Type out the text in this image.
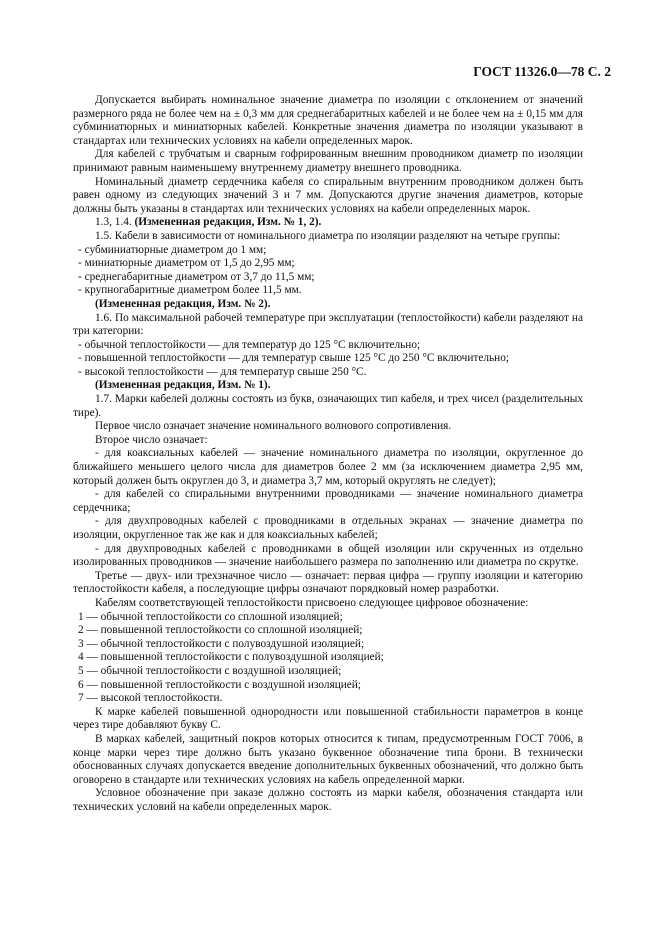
ГОСТ 11326.0—78 С. 2

Допускается выбирать номинальное значение диаметра по изоляции с отклонением от значений размерного ряда не более чем на ± 0,3 мм для среднегабаритных кабелей и не более чем на ± 0,15 мм для субминиатюрных и миниатюрных кабелей. Конкретные значения диаметра по изоляции указывают в стандартах или технических условиях на кабели определенных марок.

Для кабелей с трубчатым и сварным гофрированным внешним проводником диаметр по изоляции принимают равным наименьшему внутреннему диаметру внешнего проводника.

Номинальный диаметр сердечника кабеля со спиральным внутренним проводником должен быть равен одному из следующих значений 3 и 7 мм. Допускаются другие значения диаметров, которые должны быть указаны в стандартах или технических условиях на кабели определенных марок.

1.3, 1.4. (Измененная редакция, Изм. № 1, 2).

1.5. Кабели в зависимости от номинального диаметра по изоляции разделяют на четыре группы:

- субминиатюрные диаметром до 1 мм;

- миниатюрные диаметром от 1,5 до 2,95 мм;

- среднегабаритные диаметром от 3,7 до 11,5 мм;

- крупногабаритные диаметром более 11,5 мм.

(Измененная редакция, Изм. № 2).

1.6. По максимальной рабочей температуре при эксплуатации (теплостойкости) кабели разделяют на три категории:

- обычной теплостойкости — для температур до 125 °С включительно;

- повышенной теплостойкости — для температур свыше 125 °С до 250 °С включительно;

- высокой теплостойкости — для температур свыше 250 °С.

(Измененная редакция, Изм. № 1).

1.7. Марки кабелей должны состоять из букв, означающих тип кабеля, и трех чисел (разделительных тире).

Первое число означает значение номинального волнового сопротивления.

Второе число означает:

- для коаксиальных кабелей — значение номинального диаметра по изоляции, округленное до ближайшего меньшего целого числа для диаметров более 2 мм (за исключением диаметра 2,95 мм, который должен быть округлен до 3, и диаметра 3,7 мм, который округлять не следует);

- для кабелей со спиральными внутренними проводниками — значение номинального диаметра сердечника;

- для двухпроводных кабелей с проводниками в отдельных экранах — значение диаметра по изоляции, округленное так же как и для коаксиальных кабелей;

- для двухпроводных кабелей с проводниками в общей изоляции или скрученных из отдельно изолированных проводников — значение наибольшего размера по заполнению или диаметра по скрутке.

Третье — двух- или трехзначное число — означает: первая цифра — группу изоляции и категорию теплостойкости кабеля, а последующие цифры означают порядковый номер разработки.

Кабелям соответствующей теплостойкости присвоено следующее цифровое обозначение:

1 — обычной теплостойкости со сплошной изоляцией;

2 — повышенной теплостойкости со сплошной изоляцией;

3 — обычной теплостойкости с полувоздушной изоляцией;

4 — повышенной теплостойкости с полувоздушной изоляцией;

5 — обычной теплостойкости с воздушной изоляцией;

6 — повышенной теплостойкости с воздушной изоляцией;

7 — высокой теплостойкости.

К марке кабелей повышенной однородности или повышенной стабильности параметров в конце через тире добавляют букву С.

В марках кабелей, защитный покров которых относится к типам, предусмотренным ГОСТ 7006, в конце марки через тире должно быть указано буквенное обозначение типа брони. В технически обоснованных случаях допускается введение дополнительных буквенных обозначений, что должно быть оговорено в стандарте или технических условиях на кабель определенной марки.

Условное обозначение при заказе должно состоять из марки кабеля, обозначения стандарта или технических условий на кабели определенных марок.
